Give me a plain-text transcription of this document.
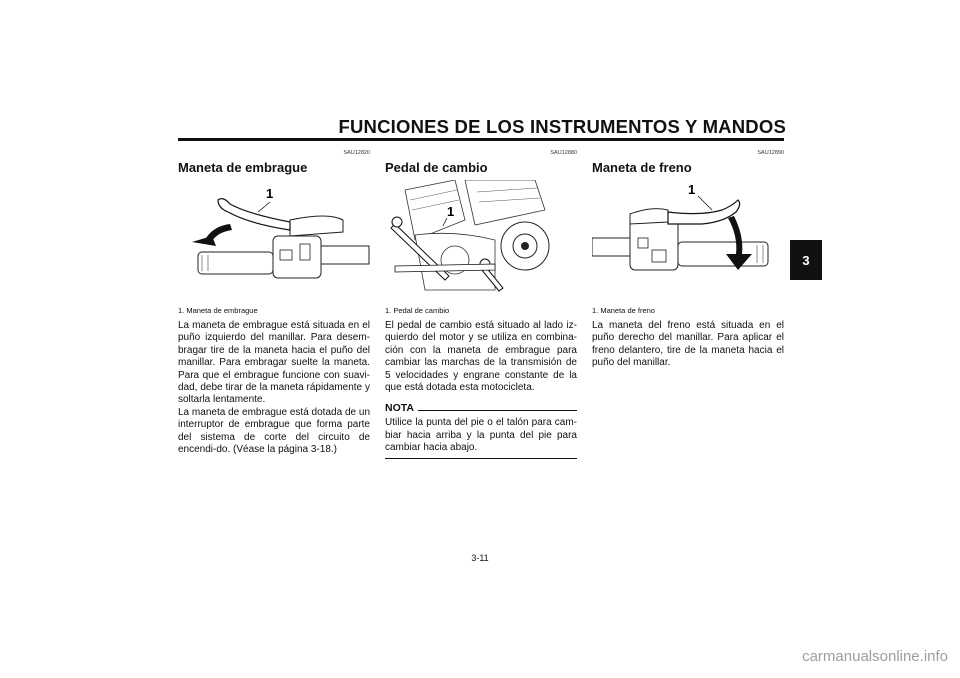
FUNCIONES DE LOS INSTRUMENTOS Y MANDOS
3
SAU12820
Maneta de embrague
1
1. Maneta de embrague

La maneta de embrague está situada en el puño izquierdo del manillar. Para desem-bragar tire de la maneta hacia el puño del manillar. Para embragar suelte la maneta. Para que el embrague funcione con suavi-dad, debe tirar de la maneta rápidamente y soltarla lentamente.

La maneta de embrague está dotada de un interruptor de embrague que forma parte del sistema de corte del circuito de encendi-do. (Véase la página 3-18.)

SAU12880
Pedal de cambio
1
1. Pedal de cambio

El pedal de cambio está situado al lado iz-quierdo del motor y se utiliza en combina-ción con la maneta de embrague para cambiar las marchas de la transmisión de 5 velocidades y engrane constante de la que está dotada esta motocicleta.

NOTA
Utilice la punta del pie o el talón para cam-biar hacia arriba y la punta del pie para cambiar hacia abajo.
SAU12890
Maneta de freno
1
1. Maneta de freno

La maneta del freno está situada en el puño derecho del manillar. Para aplicar el freno delantero, tire de la maneta hacia el puño del manillar.

3-11
carmanualsonline.info
